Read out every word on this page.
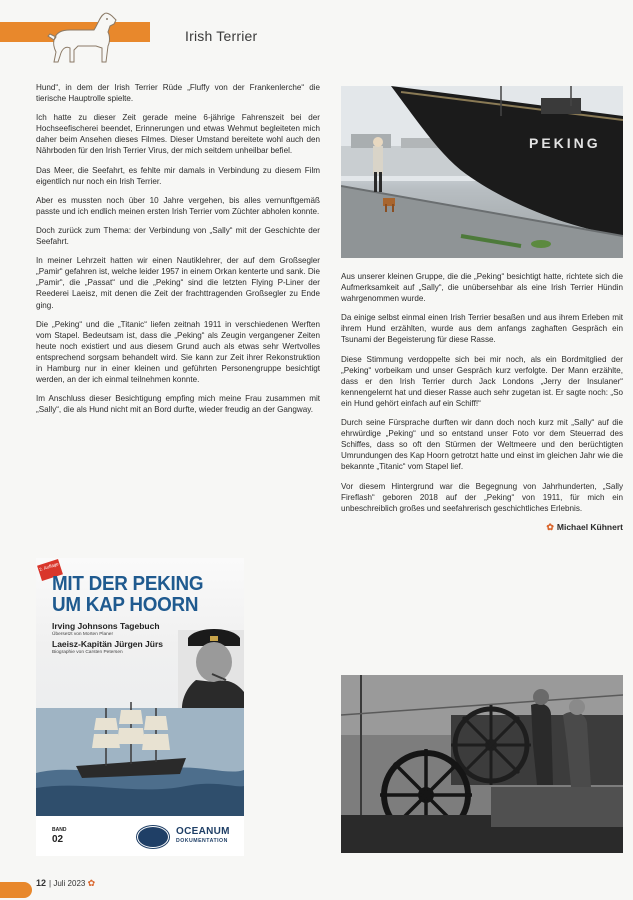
Irish Terrier

Hund“, in dem der Irish Terrier Rüde „Fluffy von der Frankenlerche“ die tierische Hauptrolle spielte.

Ich hatte zu dieser Zeit gerade meine 6-jährige Fahrenszeit bei der Hochseefischerei beendet, Erinnerungen und etwas Wehmut begleiteten mich daher beim Ansehen dieses Filmes. Dieser Umstand bereitete wohl auch den Nährboden für den Irish Terrier Virus, der mich seitdem unheilbar befiel.

Das Meer, die Seefahrt, es fehlte mir damals in Verbindung zu diesem Film eigentlich nur noch ein Irish Terrier.

Aber es mussten noch über 10 Jahre vergehen, bis alles vernunftgemäß passte und ich endlich meinen ersten Irish Terrier vom Züchter abholen konnte.

Doch zurück zum Thema: der Verbindung von „Sally“ mit der Geschichte der Seefahrt.

In meiner Lehrzeit hatten wir einen Nautiklehrer, der auf dem Großsegler „Pamir“ gefahren ist, welche leider 1957 in einem Orkan kenterte und sank. Die „Pamir“, die „Passat“ und die „Peking“ sind die letzten Flying P-Liner der Reederei Laeisz, mit denen die Zeit der frachttragenden Großsegler zu Ende ging.

Die „Peking“ und die „Titanic“ liefen zeitnah 1911 in verschiedenen Werften vom Stapel. Bedeutsam ist, dass die „Peking“ als Zeugin vergangener Zeiten heute noch existiert und aus diesem Grund auch als etwas sehr Wertvolles entsprechend sorgsam behandelt wird. Sie kann zur Zeit ihrer Rekonstruktion in Hamburg nur in einer kleinen und geführten Personengruppe besichtigt werden, an der ich einmal teilnehmen konnte.

Im Anschluss dieser Besichtigung empfing mich meine Frau zusammen mit „Sally“, die als Hund nicht mit an Bord durfte, wieder freudig an der Gangway.

PEKING

Aus unserer kleinen Gruppe, die die „Peking“ besichtigt hatte, richtete sich die Aufmerksamkeit auf „Sally“, die unübersehbar als eine Irish Terrier Hündin wahrgenommen wurde.

Da einige selbst einmal einen Irish Terrier besaßen und aus ihrem Erleben mit ihrem Hund erzählten, wurde aus dem anfangs zaghaften Gespräch ein Tsunami der Begeisterung für diese Rasse.

Diese Stimmung verdoppelte sich bei mir noch, als ein Bordmitglied der „Peking“ vorbeikam und unser Gespräch kurz verfolgte. Der Mann erzählte, dass er den Irish Terrier durch Jack Londons „Jerry der Insulaner“ kennengelernt hat und dieser Rasse auch sehr zugetan ist. Er sagte noch: „So ein Hund gehört einfach auf ein Schiff!“

Durch seine Fürsprache durften wir dann doch noch kurz mit „Sally“ auf die ehrwürdige „Peking“ und so entstand unser Foto vor dem Steuerrad des Schiffes, dass so oft den Stürmen der Weltmeere und den berüchtigten Umrundungen des Kap Hoorn getrotzt hatte und einst im gleichen Jahr wie die bekannte „Titanic“ vom Stapel lief.

Vor diesem Hintergrund war die Begegnung von Jahrhunderten, „Sally Fireflash“ geboren 2018 auf der „Peking“ von 1911, für mich ein unbeschreiblich großes und seefahrerisch geschichtliches Erlebnis.

✿ Michael Kühnert
2. Auflage
MIT DER PEKING
UM KAP HOORN
Irving Johnsons Tagebuch
Übersetzt von Morten Planer
Laeisz-Kapitän Jürgen Jürs
Biographie von Carsten Petersen
BAND
02
OCEANUM
DOKUMENTATION
12 | Juli 2023 ✿
